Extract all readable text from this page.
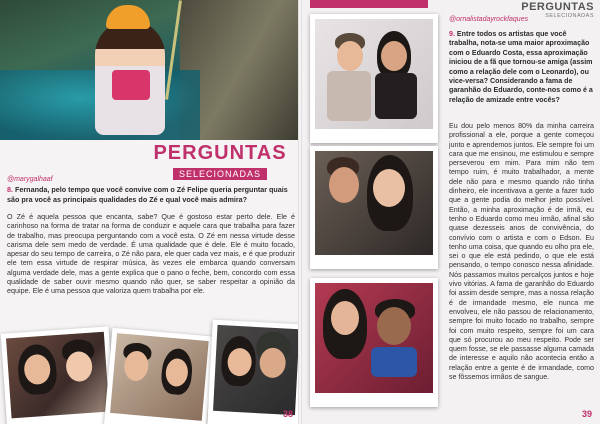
PERGUNTAS
SELECIONADAS
@marygalhaaf
8. Fernanda, pelo tempo que você convive com o Zé Felipe queria perguntar quais são pra você as principais qualidades do Zé e qual você mais admira?
O Zé é aquela pessoa que encanta, sabe? Que é gostoso estar perto dele. Ele é carinhoso na forma de tratar na forma de conduzir e aquele cara que trabalha para fazer de trabalho, mas preocupa perguntando com a você esta. O Zé em nessa virtude desse carisma dele sem medo de verdade. É uma qualidade que é dele. Ele é muito focado, apesar do seu tempo de carreira, o Zé não para, ele quer cada vez mais, e é que produzir ele tem essa virtude de respirar música, às vezes ele embarca quando conversam alguma verdade dele, mas a gente explica que o pano o feche, bem, concordo com essa qualidade de saber ouvir mesmo quando não quer, se saber respeitar a opinião da equipe. Ele é uma pessoa que valoriza quem trabalha por ele.
38
PERGUNTAS
SELECIONADAS
@ornalistadayrockfaques
9. Entre todos os artistas que você trabalha, nota-se uma maior aproximação com o Eduardo Costa, essa aproximação iniciou de a fã que tornou-se amiga (assim como a relação dele com o Leonardo), ou vice-versa? Considerando a fama de garanhão do Eduardo, conte-nos como é a relação de amizade entre vocês?
Eu dou pelo menos 80% da minha carreira profissional a ele, porque a gente começou junto e aprendemos juntos. Ele sempre foi um cara que me ensinou, me estimulou e sempre perseverou em mim. Para mim não tem tempo ruim, é muito trabalhador, a mente dele não para e mesmo quando não tinha dinheiro, ele incentivava a gente a fazer tudo que a gente podia do melhor jeito possível. Então, a minha aproximação é de irmã, eu tenho o Eduardo como meu irmão, afinal são quase dezesseis anos de convivência, do convívio com o artista e com o Edson. Eu tenho uma coisa, que quando eu olho pra ele, sei o que ele está pedindo, o que ele está pensando, o tempo conosco nessa afinidade. Nós passamos muitos percalços juntos e hoje vivo vitórias. A fama de garanhão do Eduardo foi assim desde sempre, mas a nossa relação é de irmandade mesmo, ele nunca me envolveu, ele não passou de relacionamento, sempre foi muito focado no trabalho, sempre foi com muito respeito, sempre foi um cara que só procurou ao meu respeito. Pode ser quem fosse, se ele passasse alguma camada de interesse e aquilo não acontecia então a relação entre a gente é de irmandade, como se fôssemos irmãos de sangue.
39
